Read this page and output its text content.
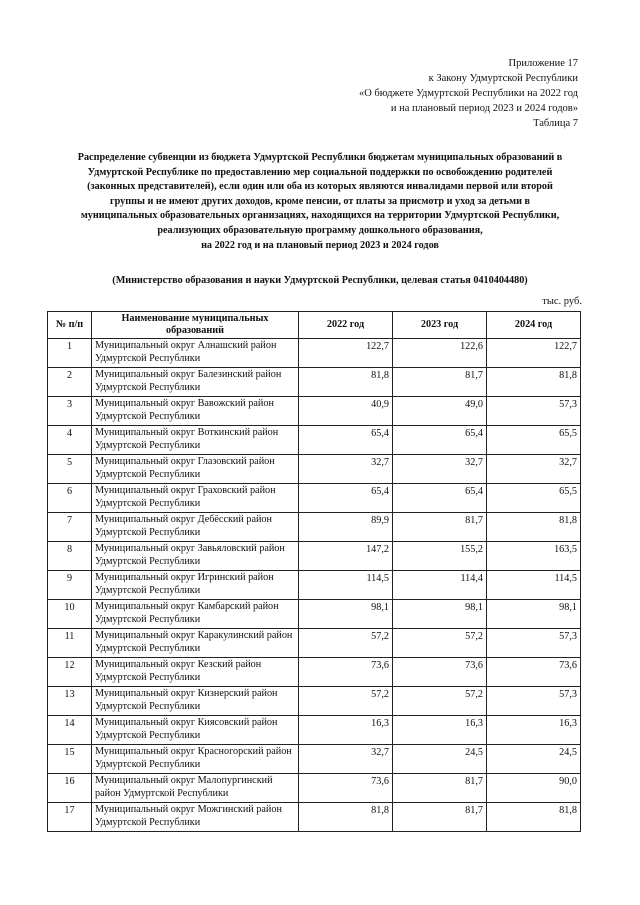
Приложение 17
к Закону Удмуртской Республики
«О бюджете Удмуртской Республики на 2022 год
и на плановый период 2023 и 2024 годов»
Таблица 7
Распределение субвенции из бюджета Удмуртской Республики бюджетам муниципальных образований в
Удмуртской Республике по предоставлению мер социальной поддержки по освобождению родителей
(законных представителей), если один или оба из которых являются инвалидами первой или второй
группы и не имеют других доходов, кроме пенсии, от платы за присмотр и уход за детьми в
муниципальных образовательных организациях, находящихся на территории Удмуртской Республики,
реализующих образовательную программу дошкольного образования,
на 2022 год и на плановый период 2023 и 2024 годов
(Министерство образования и науки Удмуртской Республики, целевая статья 0410404480)
тыс. руб.
№ п/п	Наименование муниципальных образований	2022 год	2023 год	2024 год
1	Муниципальный округ Алнашский район Удмуртской Республики	122,7	122,6	122,7
2	Муниципальный округ Балезинский район Удмуртской Республики	81,8	81,7	81,8
3	Муниципальный округ Вавожский район Удмуртской Республики	40,9	49,0	57,3
4	Муниципальный округ Воткинский район Удмуртской Республики	65,4	65,4	65,5
5	Муниципальный округ Глазовский район Удмуртской Республики	32,7	32,7	32,7
6	Муниципальный округ Граховский район Удмуртской Республики	65,4	65,4	65,5
7	Муниципальный округ Дебёсский район Удмуртской Республики	89,9	81,7	81,8
8	Муниципальный округ Завьяловский район Удмуртской Республики	147,2	155,2	163,5
9	Муниципальный округ Игринский район Удмуртской Республики	114,5	114,4	114,5
10	Муниципальный округ Камбарский район Удмуртской Республики	98,1	98,1	98,1
11	Муниципальный округ Каракулинский район Удмуртской Республики	57,2	57,2	57,3
12	Муниципальный округ Кезский район Удмуртской Республики	73,6	73,6	73,6
13	Муниципальный округ Кизнерский район Удмуртской Республики	57,2	57,2	57,3
14	Муниципальный округ Киясовский район Удмуртской Республики	16,3	16,3	16,3
15	Муниципальный округ Красногорский район Удмуртской Республики	32,7	24,5	24,5
16	Муниципальный округ Малопургинский район Удмуртской Республики	73,6	81,7	90,0
17	Муниципальный округ Можгинский район Удмуртской Республики	81,8	81,7	81,8
